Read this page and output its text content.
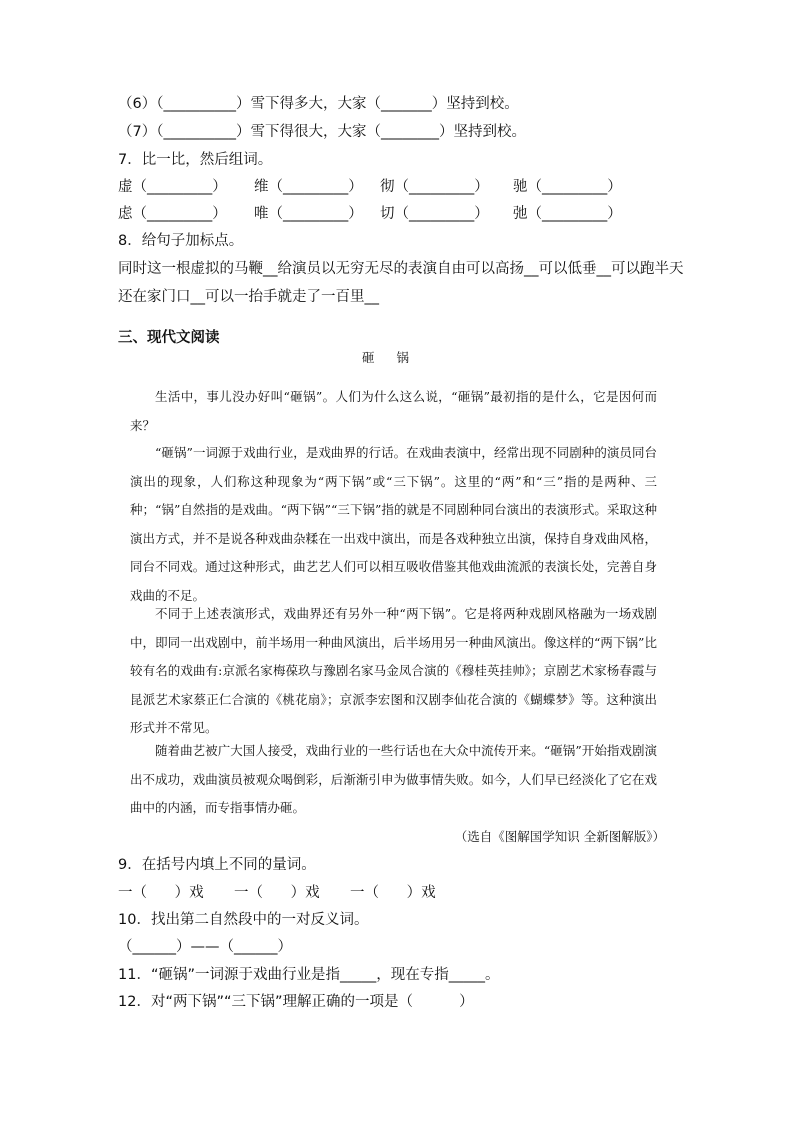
（6）（__________）雪下得多大，大家（_______）坚持到校。
（7）（__________）雪下得很大，大家（________）坚持到校。
7．比一比，然后组词。
虚（_________） 维（_________） 彻（_________） 驰（_________）
虑（_________） 唯（_________） 切（_________） 弛（_________）
8．给句子加标点。
同时这一根虚拟的马鞭__给演员以无穷无尽的表演自由可以高扬__可以低垂__可以跑半天
还在家门口__可以一抬手就走了一百里__
三、现代文阅读
砸锅

生活中，事儿没办好叫“砸锅”。人们为什么这么说，“砸锅”最初指的是什么，它是因何而来？

“砸锅”一词源于戏曲行业，是戏曲界的行话。在戏曲表演中，经常出现不同剧种的演员同台演出的现象，人们称这种现象为“两下锅”或“三下锅”。这里的“两”和“三”指的是两种、三种；“锅”自然指的是戏曲。“两下锅”“三下锅”指的就是不同剧种同台演出的表演形式。采取这种演出方式，并不是说各种戏曲杂糅在一出戏中演出，而是各戏种独立出演，保持自身戏曲风格，同台不同戏。通过这种形式，曲艺艺人们可以相互吸收借鉴其他戏曲流派的表演长处，完善自身戏曲的不足。

不同于上述表演形式，戏曲界还有另外一种“两下锅”。它是将两种戏剧风格融为一场戏剧中，即同一出戏剧中，前半场用一种曲风演出，后半场用另一种曲风演出。像这样的“两下锅”比较有名的戏曲有:京派名家梅葆玖与豫剧名家马金凤合演的《穆桂英挂帅》；京剧艺术家杨春霞与昆派艺术家蔡正仁合演的《桃花扇》；京派李宏图和汉剧李仙花合演的《蝴蝶梦》等。这种演出形式并不常见。

随着曲艺被广大国人接受，戏曲行业的一些行话也在大众中流传开来。“砸锅”开始指戏剧演出不成功，戏曲演员被观众喝倒彩，后渐渐引申为做事情失败。如今，人们早已经淡化了它在戏曲中的内涵，而专指事情办砸。

（选自《图解国学知识 全新图解版》）
9．在括号内填上不同的量词。
一（      ）戏 一（      ）戏 一（      ）戏
10．找出第二自然段中的一对反义词。
（______）——（______）
11．“砸锅”一词源于戏曲行业是指_____，现在专指_____。
12．对“两下锅”“三下锅”理解正确的一项是（          ）
